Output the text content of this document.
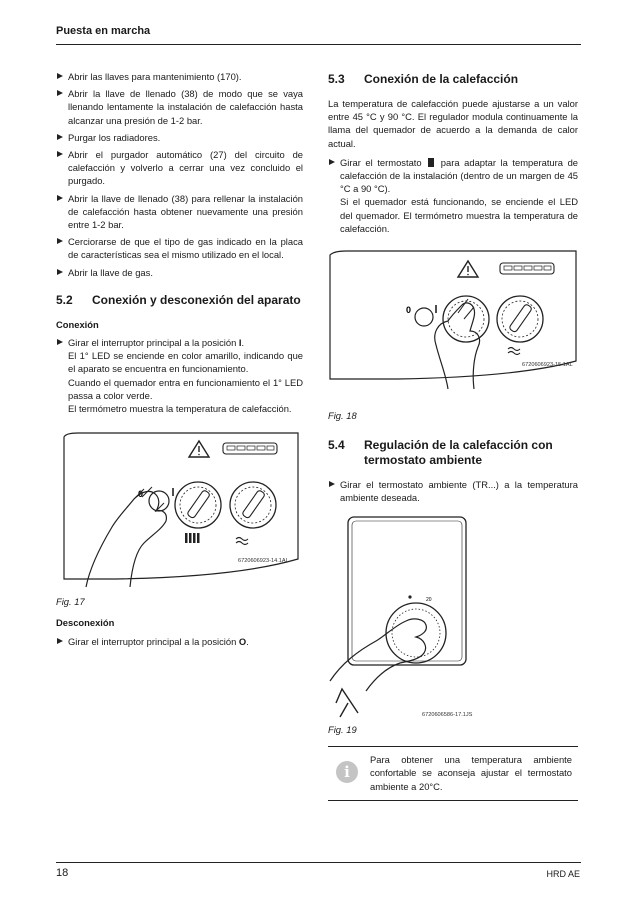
Puesta en marcha
Abrir las llaves para mantenimiento (170).
Abrir la llave de llenado (38) de modo que se vaya llenando lentamente la instalación de calefacción hasta alcanzar una presión de 1-2 bar.
Purgar los radiadores.
Abrir el purgador automático (27) del circuito de calefacción y volverlo a cerrar una vez concluido el purgado.
Abrir la llave de llenado (38) para rellenar la instalación de calefacción hasta obtener nuevamente una presión entre 1-2 bar.
Cerciorarse de que el tipo de gas indicado en la placa de características sea el mismo utilizado en el local.
Abrir la llave de gas.
5.2	Conexión y desconexión del aparato
Conexión
Girar el interruptor principal a la posición I.
El 1° LED se enciende en color amarillo, indicando que el aparato se encuentra en funcionamiento.
Cuando el quemador entra en funcionamiento el 1° LED passa a color verde.
El termómetro muestra la temperatura de calefacción.
0
6720606923-14.1AL
Fig. 17
Desconexión
Girar el interruptor principal a la posición O.
5.3	Conexión de la calefacción

La temperatura de calefacción puede ajustarse a un valor entre 45 °C y 90 °C. El regulador modula continuamente la llama del quemador de acuerdo a la demanda de calor actual.

Girar el termostato  para adaptar la temperatura de calefacción de la instalación (dentro de un margen de 45 °C a 90 °C).
Si el quemador está funcionando, se enciende el LED del quemador. El termómetro muestra la temperatura de calefacción.
0
6720606923-15.1AL
Fig. 18
5.4	Regulación de la calefacción con termostato ambiente
Girar el termostato ambiente (TR...) a la temperatura ambiente deseada.
20
6720606586-17.1JS
Fig. 19
i
Para obtener una temperatura ambiente confortable se aconseja ajustar el termostato ambiente a 20°C.
18	HRD AE
